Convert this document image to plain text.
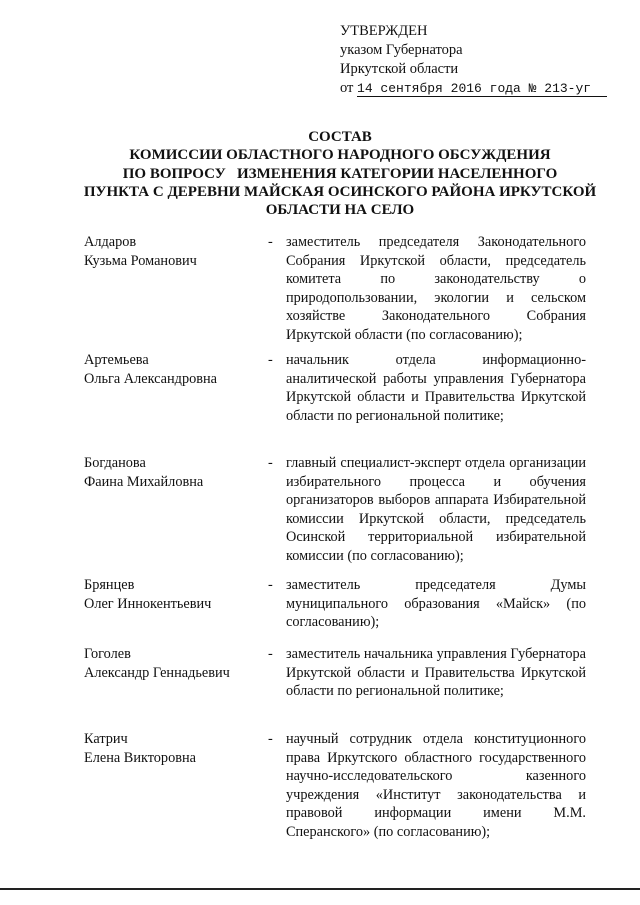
УТВЕРЖДЕН
указом Губернатора
Иркутской области
от 14 сентября 2016 года № 213-уг
СОСТАВ
КОМИССИИ ОБЛАСТНОГО НАРОДНОГО ОБСУЖДЕНИЯ
ПО ВОПРОСУ   ИЗМЕНЕНИЯ КАТЕГОРИИ НАСЕЛЕННОГО
ПУНКТА С ДЕРЕВНИ МАЙСКАЯ ОСИНСКОГО РАЙОНА ИРКУТСКОЙ
ОБЛАСТИ НА СЕЛО
Алдаров
Кузьма Романович
- заместитель председателя Законодательного Собрания Иркутской области, председатель комитета по законодательству о природопользовании, экологии и сельском хозяйстве Законодательного Собрания Иркутской области (по согласованию);
Артемьева
Ольга Александровна
- начальник отдела информационно-аналитической работы управления Губернатора Иркутской области и Правительства Иркутской области по региональной политике;
Богданова
Фаина Михайловна
- главный специалист-эксперт отдела организации избирательного процесса и обучения организаторов выборов аппарата Избирательной комиссии Иркутской области, председатель Осинской территориальной избирательной комиссии (по согласованию);
Брянцев
Олег Иннокентьевич
- заместитель председателя Думы муниципального образования «Майск» (по согласованию);
Гоголев
Александр Геннадьевич
- заместитель начальника управления Губернатора Иркутской области и Правительства Иркутской области по региональной политике;
Катрич
Елена Викторовна
- научный сотрудник отдела конституционного права Иркутского областного государственного научно-исследовательского казенного учреждения «Институт законодательства и правовой информации имени М.М. Сперанского» (по согласованию);
